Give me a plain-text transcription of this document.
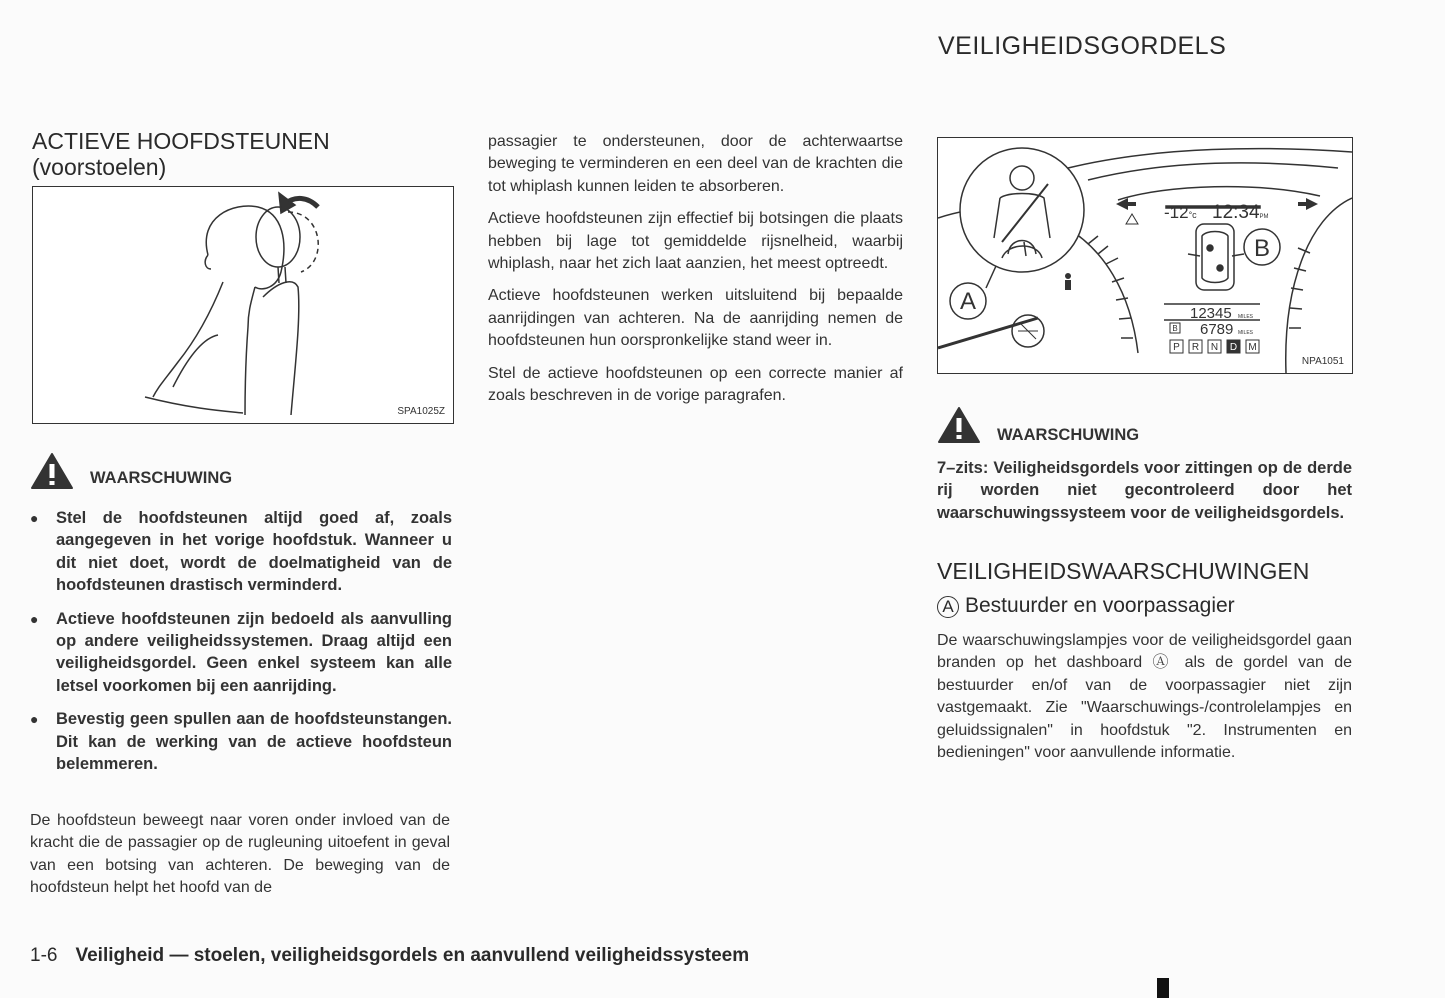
VEILIGHEIDSGORDELS
ACTIEVE HOOFDSTEUNEN
(voorstoelen)
SPA1025Z
WAARSCHUWING
● Stel de hoofdsteunen altijd goed af, zoals aangegeven in het vorige hoofdstuk. Wanneer u dit niet doet, wordt de doelmatigheid van de hoofdsteunen drastisch verminderd.
● Actieve hoofdsteunen zijn bedoeld als aanvulling op andere veiligheidssystemen. Draag altijd een veiligheidsgordel. Geen enkel systeem kan alle letsel voorkomen bij een aanrijding.
● Bevestig geen spullen aan de hoofdsteunstangen. Dit kan de werking van de actieve hoofdsteun belemmeren.

De hoofdsteun beweegt naar voren onder invloed van de kracht die de passagier op de rugleuning uitoefent in geval van een botsing van achteren. De beweging van de hoofdsteun helpt het hoofd van de

passagier te ondersteunen, door de achterwaartse beweging te verminderen en een deel van de krachten die tot whiplash kunnen leiden te absorberen.

Actieve hoofdsteunen zijn effectief bij botsingen die plaats hebben bij lage tot gemiddelde rijsnelheid, waarbij whiplash, naar het zich laat aanzien, het meest optreedt.

Actieve hoofdsteunen werken uitsluitend bij bepaalde aanrijdingen van achteren. Na de aanrijding nemen de hoofdsteunen hun oorspronkelijke stand weer in.

Stel de actieve hoofdsteunen op een correcte manier af zoals beschreven in de vorige paragrafen.

A
-12°c 12:34PM
B
12345 MILES
B 6789 MILES
P R N D M
NPA1051
WAARSCHUWING
7–zits: Veiligheidsgordels voor zittingen op de derde rij worden niet gecontroleerd door het waarschuwingssysteem voor de veiligheidsgordels.
VEILIGHEIDSWAARSCHUWINGEN
A Bestuurder en voorpassagier

De waarschuwingslampjes voor de veiligheidsgordel gaan branden op het dashboard Ⓐ als de gordel van de bestuurder en/of van de voorpassagier niet zijn vastgemaakt. Zie "Waarschuwings-/controlelampjes en geluidssignalen" in hoofdstuk "2. Instrumenten en bedieningen" voor aanvullende informatie.

1-6 Veiligheid — stoelen, veiligheidsgordels en aanvullend veiligheidssysteem
